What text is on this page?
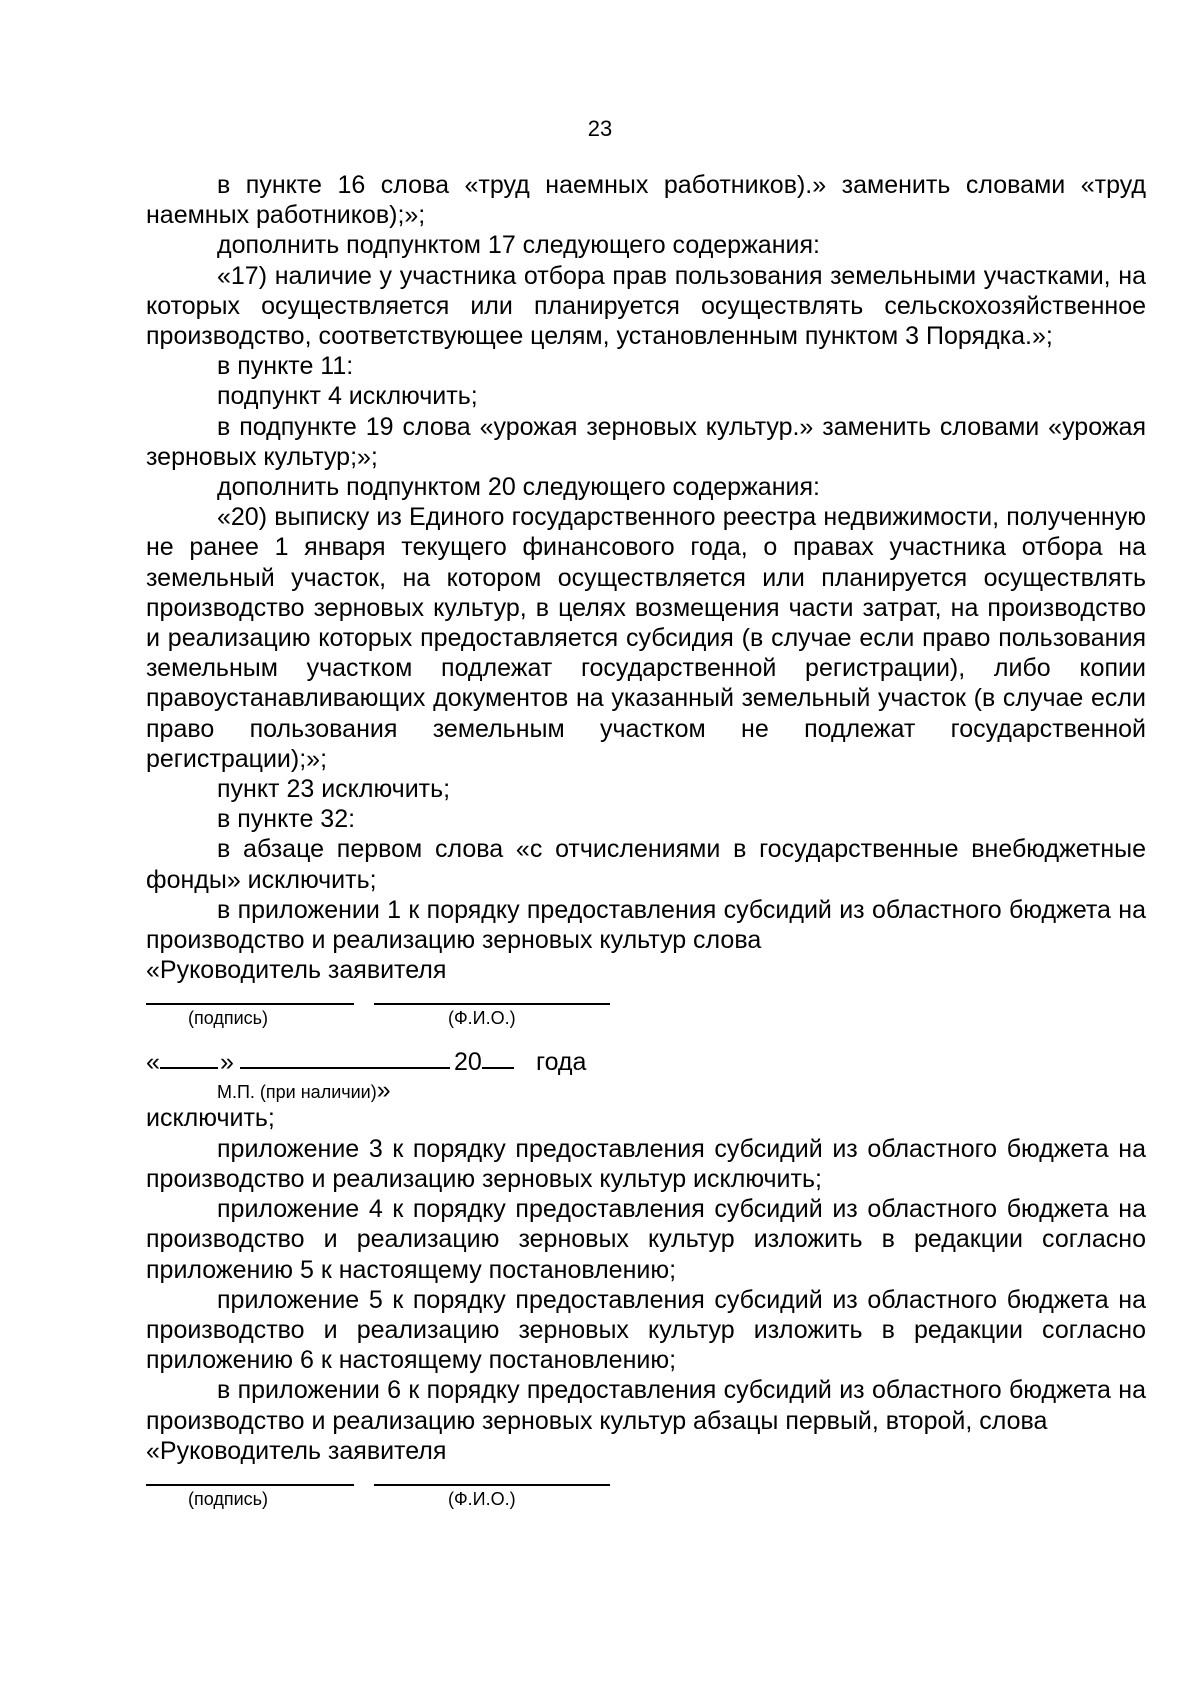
23

в пункте 16 слова «труд наемных работников).» заменить словами «труд наемных работников);»;

дополнить подпунктом 17 следующего содержания:

«17) наличие у участника отбора прав пользования земельными участками, на которых осуществляется или планируется осуществлять сельскохозяйственное производство, соответствующее целям, установленным пунктом 3 Порядка.»;

в пункте 11:

подпункт 4 исключить;

в подпункте 19 слова «урожая зерновых культур.» заменить словами «урожая зерновых культур;»;

дополнить подпунктом 20 следующего содержания:

«20) выписку из Единого государственного реестра недвижимости, полученную не ранее 1 января текущего финансового года, о правах участника отбора на земельный участок, на котором осуществляется или планируется осуществлять производство зерновых культур, в целях возмещения части затрат, на производство и реализацию которых предоставляется субсидия (в случае если право пользования земельным участком подлежат государственной регистрации), либо копии правоустанавливающих документов на указанный земельный участок (в случае если право пользования земельным участком не подлежат государственной регистрации);»;

пункт 23 исключить;

в пункте 32:

в абзаце первом слова «с отчислениями в государственные внебюджетные фонды» исключить;

в приложении 1 к порядку предоставления субсидий из областного бюджета на производство и реализацию зерновых культур слова

«Руководитель заявителя

(подпись)	(Ф.И.О.)
« »	20 года
М.П. (при наличии)»

исключить;

приложение 3 к порядку предоставления субсидий из областного бюджета на производство и реализацию зерновых культур исключить;

приложение 4 к порядку предоставления субсидий из областного бюджета на производство и реализацию зерновых культур изложить в редакции согласно приложению 5 к настоящему постановлению;

приложение 5 к порядку предоставления субсидий из областного бюджета на производство и реализацию зерновых культур изложить в редакции согласно приложению 6 к настоящему постановлению;

в приложении 6 к порядку предоставления субсидий из областного бюджета на производство и реализацию зерновых культур абзацы первый, второй, слова

«Руководитель заявителя

(подпись)	(Ф.И.О.)
